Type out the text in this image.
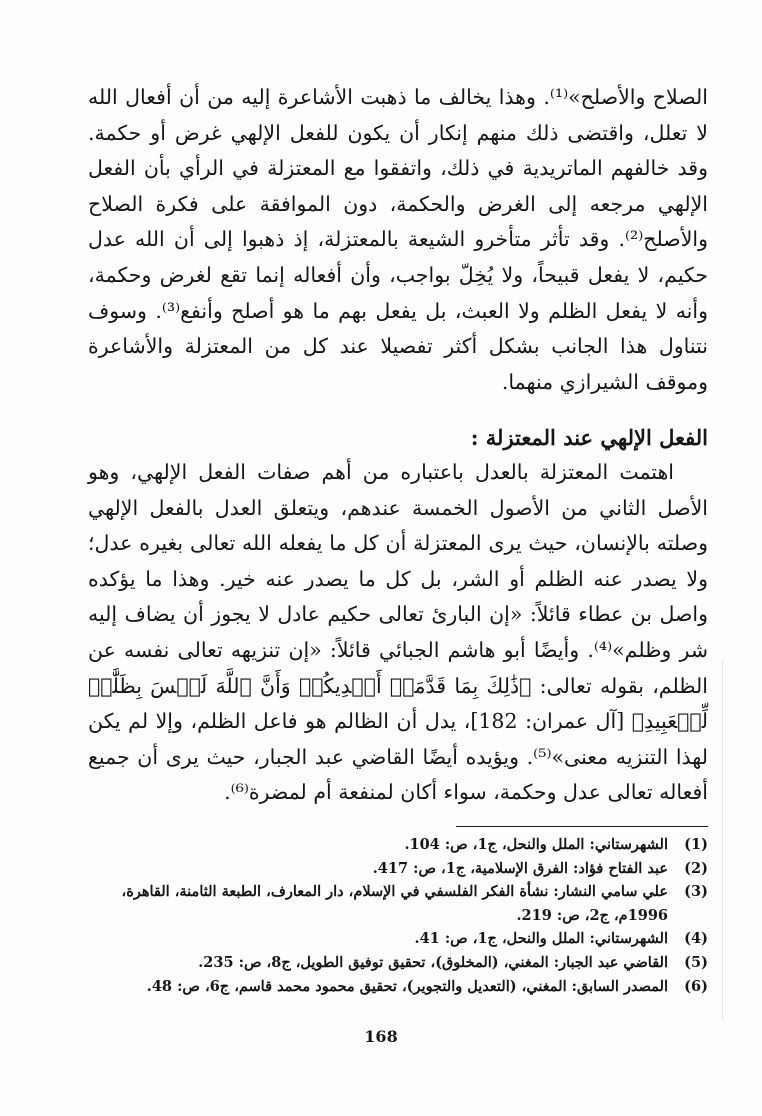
الصلاح والأصلح»⁽¹⁾. وهذا يخالف ما ذهبت الأشاعرة إليه من أن أفعال الله لا تعلل، واقتضى ذلك منهم إنكار أن يكون للفعل الإلهي غرض أو حكمة. وقد خالفهم الماتريدية في ذلك، واتفقوا مع المعتزلة في الرأي بأن الفعل الإلهي مرجعه إلى الغرض والحكمة، دون الموافقة على فكرة الصلاح والأصلح⁽²⁾. وقد تأثر متأخرو الشيعة بالمعتزلة، إذ ذهبوا إلى أن الله عدل حكيم، لا يفعل قبيحاً، ولا يُخِلّ بواجب، وأن أفعاله إنما تقع لغرض وحكمة، وأنه لا يفعل الظلم ولا العبث، بل يفعل بهم ما هو أصلح وأنفع⁽³⁾. وسوف نتناول هذا الجانب بشكل أكثر تفصيلا عند كل من المعتزلة والأشاعرة وموقف الشيرازي منهما.

الفعل الإلهي عند المعتزلة :

اهتمت المعتزلة بالعدل باعتباره من أهم صفات الفعل الإلهي، وهو الأصل الثاني من الأصول الخمسة عندهم، ويتعلق العدل بالفعل الإلهي وصلته بالإنسان، حيث يرى المعتزلة أن كل ما يفعله الله تعالى بغيره عدل؛ ولا يصدر عنه الظلم أو الشر، بل كل ما يصدر عنه خير. وهذا ما يؤكده واصل بن عطاء قائلاً: «إن البارئ تعالى حكيم عادل لا يجوز أن يضاف إليه شر وظلم»⁽⁴⁾. وأيضًا أبو هاشم الجبائي قائلاً: «إن تنزيهه تعالى نفسه عن الظلم، بقوله تعالى: ﴿ذَٰلِكَ بِمَا قَدَّمَتۡ أَيۡدِيكُمۡ وَأَنَّ ٱللَّهَ لَيۡسَ بِظَلَّٰمٖ لِّلۡعَبِيدِ﴾ [آل عمران: 182]، يدل أن الظالم هو فاعل الظلم، وإلا لم يكن لهذا التنزيه معنى»⁽⁵⁾. ويؤيده أيضًا القاضي عبد الجبار، حيث يرى أن جميع أفعاله تعالى عدل وحكمة، سواء أكان لمنفعة أم لمضرة⁽⁶⁾.

(1)
الشهرستاني: الملل والنحل، ج1، ص: 104.
(2)
عبد الفتاح فؤاد: الفرق الإسلامية، ج1، ص: 417.
(3)
علي سامي النشار: نشأة الفكر الفلسفي في الإسلام، دار المعارف، الطبعة الثامنة، القاهرة، 1996م، ج2، ص: 219.
(4)
الشهرستاني: الملل والنحل، ج1، ص: 41.
(5)
القاضي عبد الجبار: المغني، (المخلوق)، تحقيق توفيق الطويل، ج8، ص: 235.
(6)
المصدر السابق: المغني، (التعديل والتجوير)، تحقيق محمود محمد قاسم، ج6، ص: 48.
168
